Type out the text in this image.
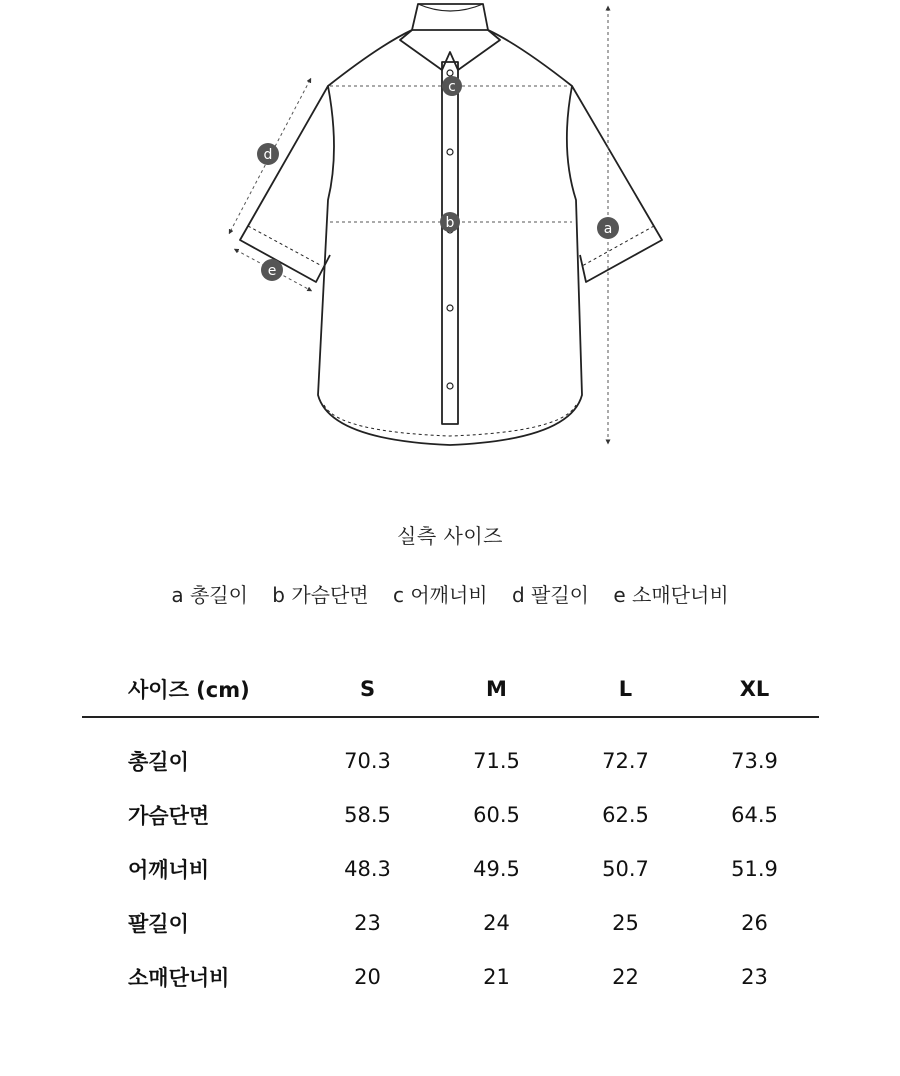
c
b	a
d
e
실측 사이즈
a 총길이 b 가슴단면 c 어깨너비 d 팔길이 e 소매단너비
사이즈 (cm)	S	M	L	XL
총길이	70.3	71.5	72.7	73.9
가슴단면	58.5	60.5	62.5	64.5
어깨너비	48.3	49.5	50.7	51.9
팔길이	23	24	25	26
소매단너비	20	21	22	23
